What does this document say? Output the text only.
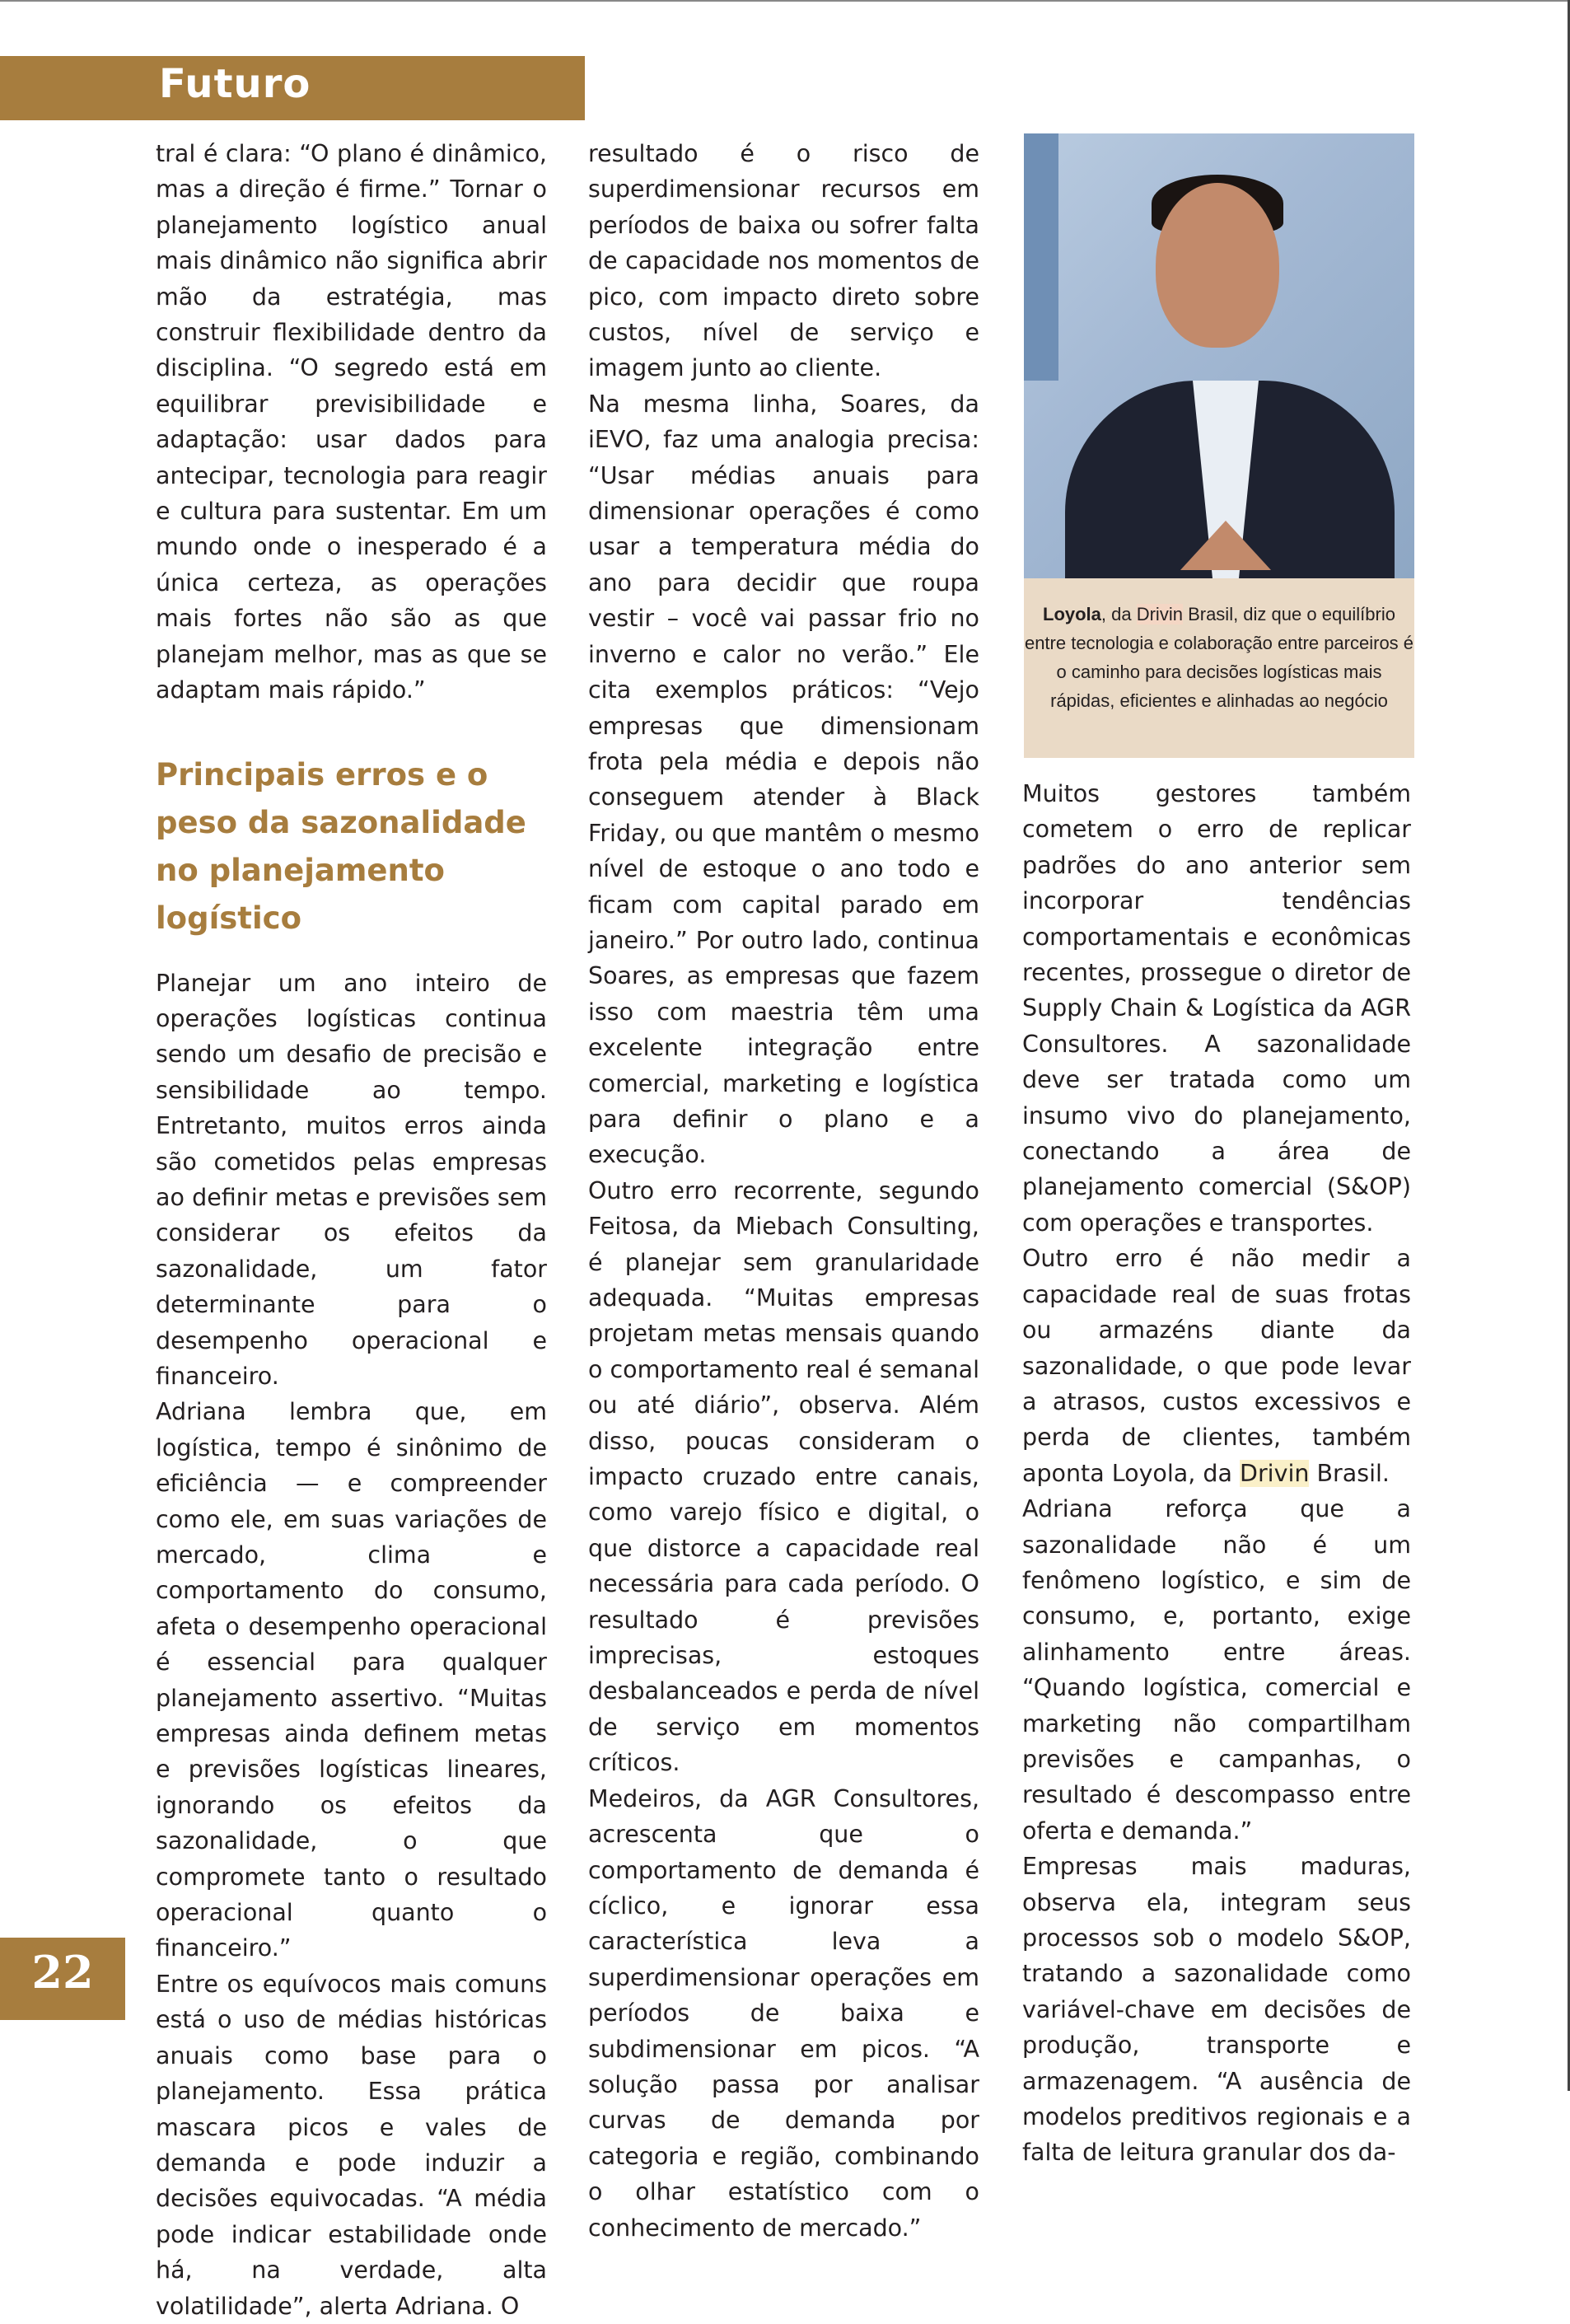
Futuro

tral é clara: “O plano é dinâmico, mas a direção é firme.” Tornar o planejamento logístico anual mais dinâmico não significa abrir mão da estratégia, mas construir flexibilidade dentro da disciplina. “O segredo está em equilibrar previsibilidade e adaptação: usar dados para antecipar, tecnologia para reagir e cultura para sustentar. Em um mundo onde o inesperado é a única certeza, as operações mais fortes não são as que planejam melhor, mas as que se adaptam mais rápido.”

Principais erros e o peso da sazonalidade no planejamento logístico

Planejar um ano inteiro de operações logísticas continua sendo um desafio de precisão e sensibilidade ao tempo. Entretanto, muitos erros ainda são cometidos pelas empresas ao definir metas e previsões sem considerar os efeitos da sazonalidade, um fator determinante para o desempenho operacional e financeiro.

Adriana lembra que, em logística, tempo é sinônimo de eficiência — e compreender como ele, em suas variações de mercado, clima e comportamento do consumo, afeta o desempenho operacional é essencial para qualquer planejamento assertivo. “Muitas empresas ainda definem metas e previsões logísticas lineares, ignorando os efeitos da sazonalidade, o que compromete tanto o resultado operacional quanto o financeiro.”

Entre os equívocos mais comuns está o uso de médias históricas anuais como base para o planejamento. Essa prática mascara picos e vales de demanda e pode induzir a decisões equivocadas. “A média pode indicar estabilidade onde há, na verdade, alta volatilidade”, alerta Adriana. O

resultado é o risco de superdimensionar recursos em períodos de baixa ou sofrer falta de capacidade nos momentos de pico, com impacto direto sobre custos, nível de serviço e imagem junto ao cliente.

Na mesma linha, Soares, da iEVO, faz uma analogia precisa: “Usar médias anuais para dimensionar operações é como usar a temperatura média do ano para decidir que roupa vestir – você vai passar frio no inverno e calor no verão.” Ele cita exemplos práticos: “Vejo empresas que dimensionam frota pela média e depois não conseguem atender à Black Friday, ou que mantêm o mesmo nível de estoque o ano todo e ficam com capital parado em janeiro.” Por outro lado, continua Soares, as empresas que fazem isso com maestria têm uma excelente integração entre comercial, marketing e logística para definir o plano e a execução.

Outro erro recorrente, segundo Feitosa, da Miebach Consulting, é planejar sem granularidade adequada. “Muitas empresas projetam metas mensais quando o comportamento real é semanal ou até diário”, observa. Além disso, poucas consideram o impacto cruzado entre canais, como varejo físico e digital, o que distorce a capacidade real necessária para cada período. O resultado é previsões imprecisas, estoques desbalanceados e perda de nível de serviço em momentos críticos.

Medeiros, da AGR Consultores, acrescenta que o comportamento de demanda é cíclico, e ignorar essa característica leva a superdimensionar operações em períodos de baixa e subdimensionar em picos. “A solução passa por analisar curvas de demanda por categoria e região, combinando o olhar estatístico com o conhecimento de mercado.”

Loyola, da Drivin Brasil, diz que o equilíbrio entre tecnologia e colaboração entre parceiros é o caminho para decisões logísticas mais rápidas, eficientes e alinhadas ao negócio

Muitos gestores também cometem o erro de replicar padrões do ano anterior sem incorporar tendências comportamentais e econômicas recentes, prossegue o diretor de Supply Chain & Logística da AGR Consultores. A sazonalidade deve ser tratada como um insumo vivo do planejamento, conectando a área de planejamento comercial (S&OP) com operações e transportes.

Outro erro é não medir a capacidade real de suas frotas ou armazéns diante da sazonalidade, o que pode levar a atrasos, custos excessivos e perda de clientes, também aponta Loyola, da Drivin Brasil.

Adriana reforça que a sazonalidade não é um fenômeno logístico, e sim de consumo, e, portanto, exige alinhamento entre áreas. “Quando logística, comercial e marketing não compartilham previsões e campanhas, o resultado é descompasso entre oferta e demanda.”

Empresas mais maduras, observa ela, integram seus processos sob o modelo S&OP, tratando a sazonalidade como variável-chave em decisões de produção, transporte e armazenagem. “A ausência de modelos preditivos regionais e a falta de leitura granular dos da-

22
